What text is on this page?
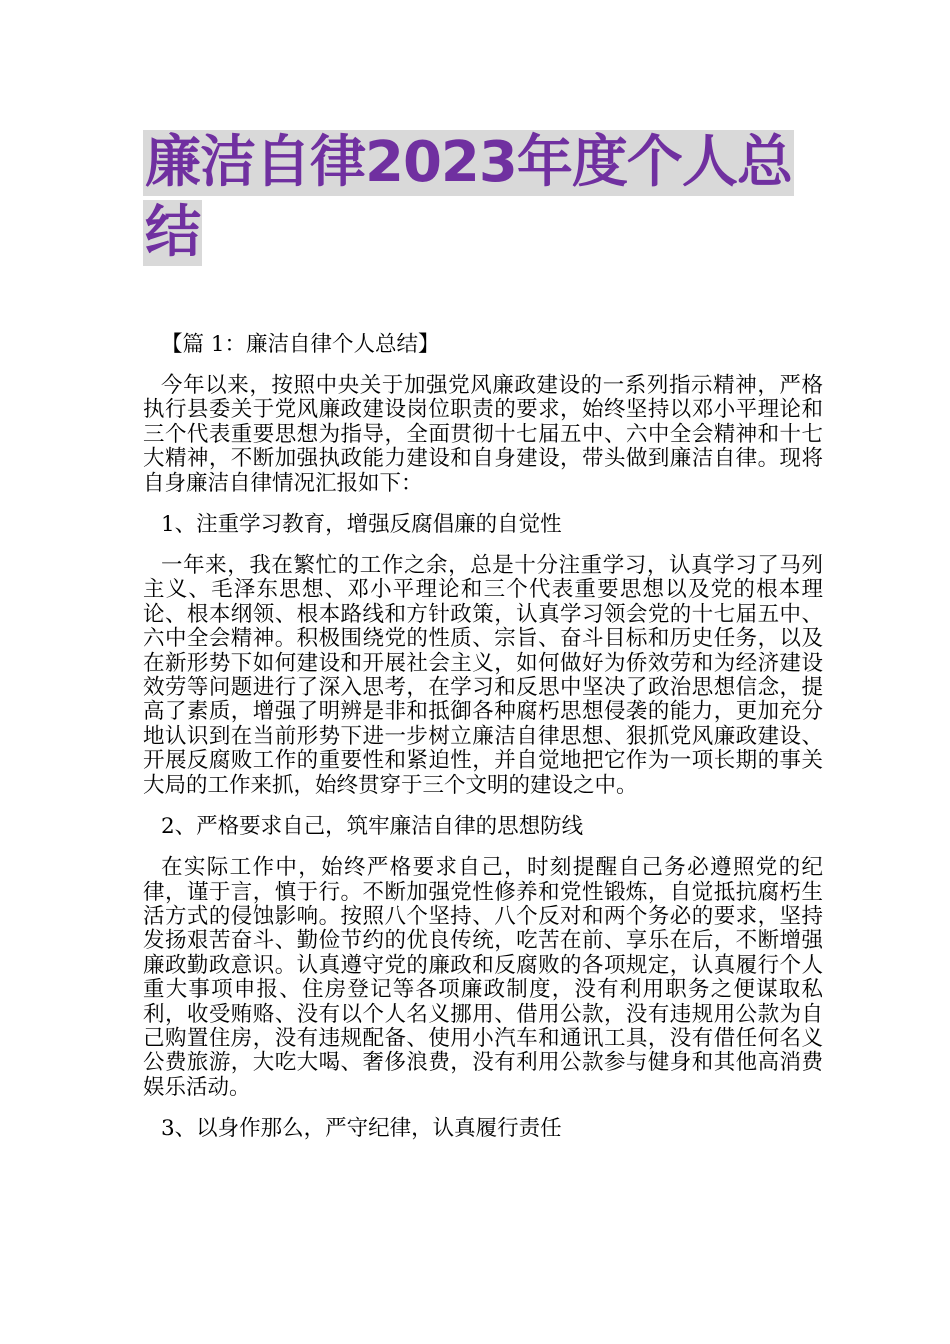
廉洁自律2023年度个人总
结

【篇 1：廉洁自律个人总结】

今年以来，按照中央关于加强党风廉政建设的一系列指示精神，严格执行县委关于党风廉政建设岗位职责的要求，始终坚持以邓小平理论和三个代表重要思想为指导，全面贯彻十七届五中、六中全会精神和十七大精神，不断加强执政能力建设和自身建设，带头做到廉洁自律。现将自身廉洁自律情况汇报如下：

1、注重学习教育，增强反腐倡廉的自觉性

一年来，我在繁忙的工作之余，总是十分注重学习，认真学习了马列主义、毛泽东思想、邓小平理论和三个代表重要思想以及党的根本理论、根本纲领、根本路线和方针政策，认真学习领会党的十七届五中、六中全会精神。积极围绕党的性质、宗旨、奋斗目标和历史任务，以及在新形势下如何建设和开展社会主义，如何做好为侨效劳和为经济建设效劳等问题进行了深入思考，在学习和反思中坚决了政治思想信念，提高了素质，增强了明辨是非和抵御各种腐朽思想侵袭的能力，更加充分地认识到在当前形势下进一步树立廉洁自律思想、狠抓党风廉政建设、开展反腐败工作的重要性和紧迫性，并自觉地把它作为一项长期的事关大局的工作来抓，始终贯穿于三个文明的建设之中。

2、严格要求自己，筑牢廉洁自律的思想防线

在实际工作中，始终严格要求自己，时刻提醒自己务必遵照党的纪律，谨于言，慎于行。不断加强党性修养和党性锻炼，自觉抵抗腐朽生活方式的侵蚀影响。按照八个坚持、八个反对和两个务必的要求，坚持发扬艰苦奋斗、勤俭节约的优良传统，吃苦在前、享乐在后，不断增强廉政勤政意识。认真遵守党的廉政和反腐败的各项规定，认真履行个人重大事项申报、住房登记等各项廉政制度，没有利用职务之便谋取私利，收受贿赂、没有以个人名义挪用、借用公款，没有违规用公款为自己购置住房，没有违规配备、使用小汽车和通讯工具，没有借任何名义公费旅游，大吃大喝、奢侈浪费，没有利用公款参与健身和其他高消费娱乐活动。

3、以身作那么，严守纪律，认真履行责任
